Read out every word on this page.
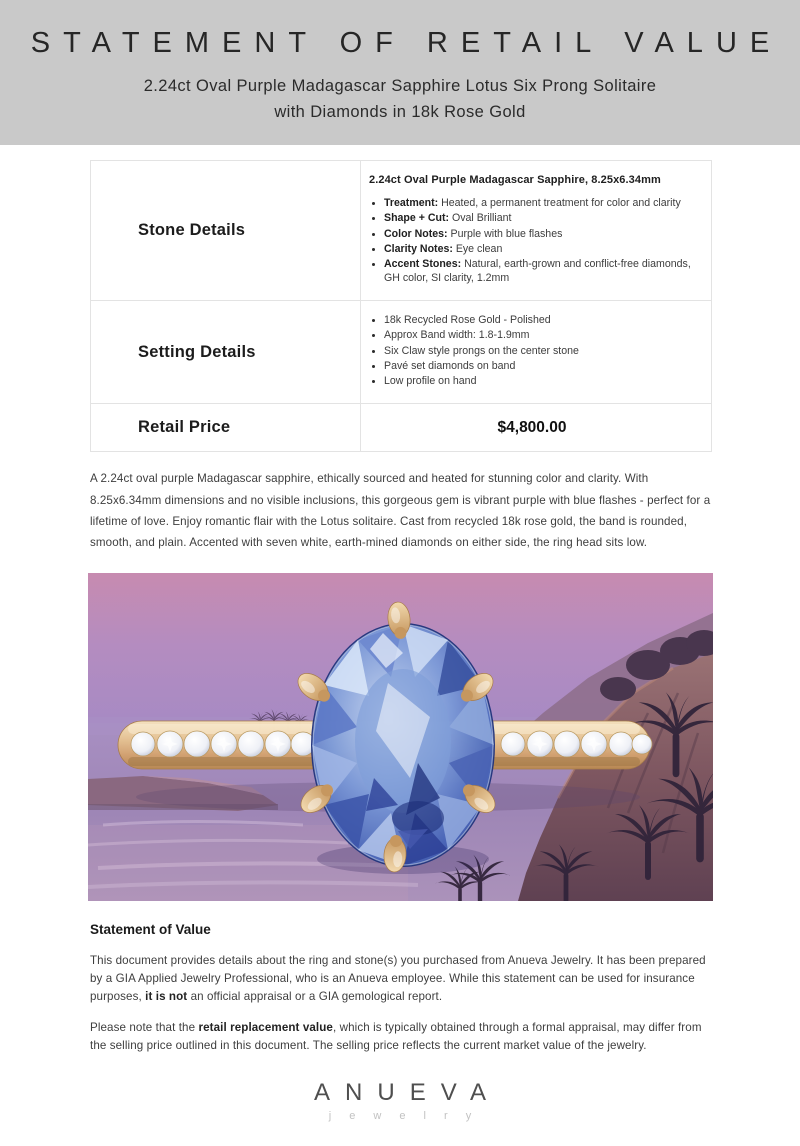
STATEMENT OF RETAIL VALUE
2.24ct Oval Purple Madagascar Sapphire Lotus Six Prong Solitaire
with Diamonds in 18k Rose Gold
Stone Details	
2.24ct Oval Purple Madagascar Sapphire, 8.25x6.34mm
• Treatment: Heated, a permanent treatment for color and clarity
• Shape + Cut: Oval Brilliant
• Color Notes: Purple with blue flashes
• Clarity Notes: Eye clean
• Accent Stones: Natural, earth-grown and conflict-free diamonds, GH color, SI clarity, 1.2mm

Setting Details	
• 18k Recycled Rose Gold - Polished
• Approx Band width: 1.8-1.9mm
• Six Claw style prongs on the center stone
• Pavé set diamonds on band
• Low profile on hand

Retail Price	$4,800.00

A 2.24ct oval purple Madagascar sapphire, ethically sourced and heated for stunning color and clarity. With 8.25x6.34mm dimensions and no visible inclusions, this gorgeous gem is vibrant purple with blue flashes - perfect for a lifetime of love. Enjoy romantic flair with the Lotus solitaire. Cast from recycled 18k rose gold, the band is rounded, smooth, and plain. Accented with seven white, earth-mined diamonds on either side, the ring head sits low.

Statement of Value

This document provides details about the ring and stone(s) you purchased from Anueva Jewelry. It has been prepared by a GIA Applied Jewelry Professional, who is an Anueva employee. While this statement can be used for insurance purposes, it is not an official appraisal or a GIA gemological report.

Please note that the retail replacement value, which is typically obtained through a formal appraisal, may differ from the selling price outlined in this document. The selling price reflects the current market value of the jewelry.

ANUEVA
j e w e l r y
